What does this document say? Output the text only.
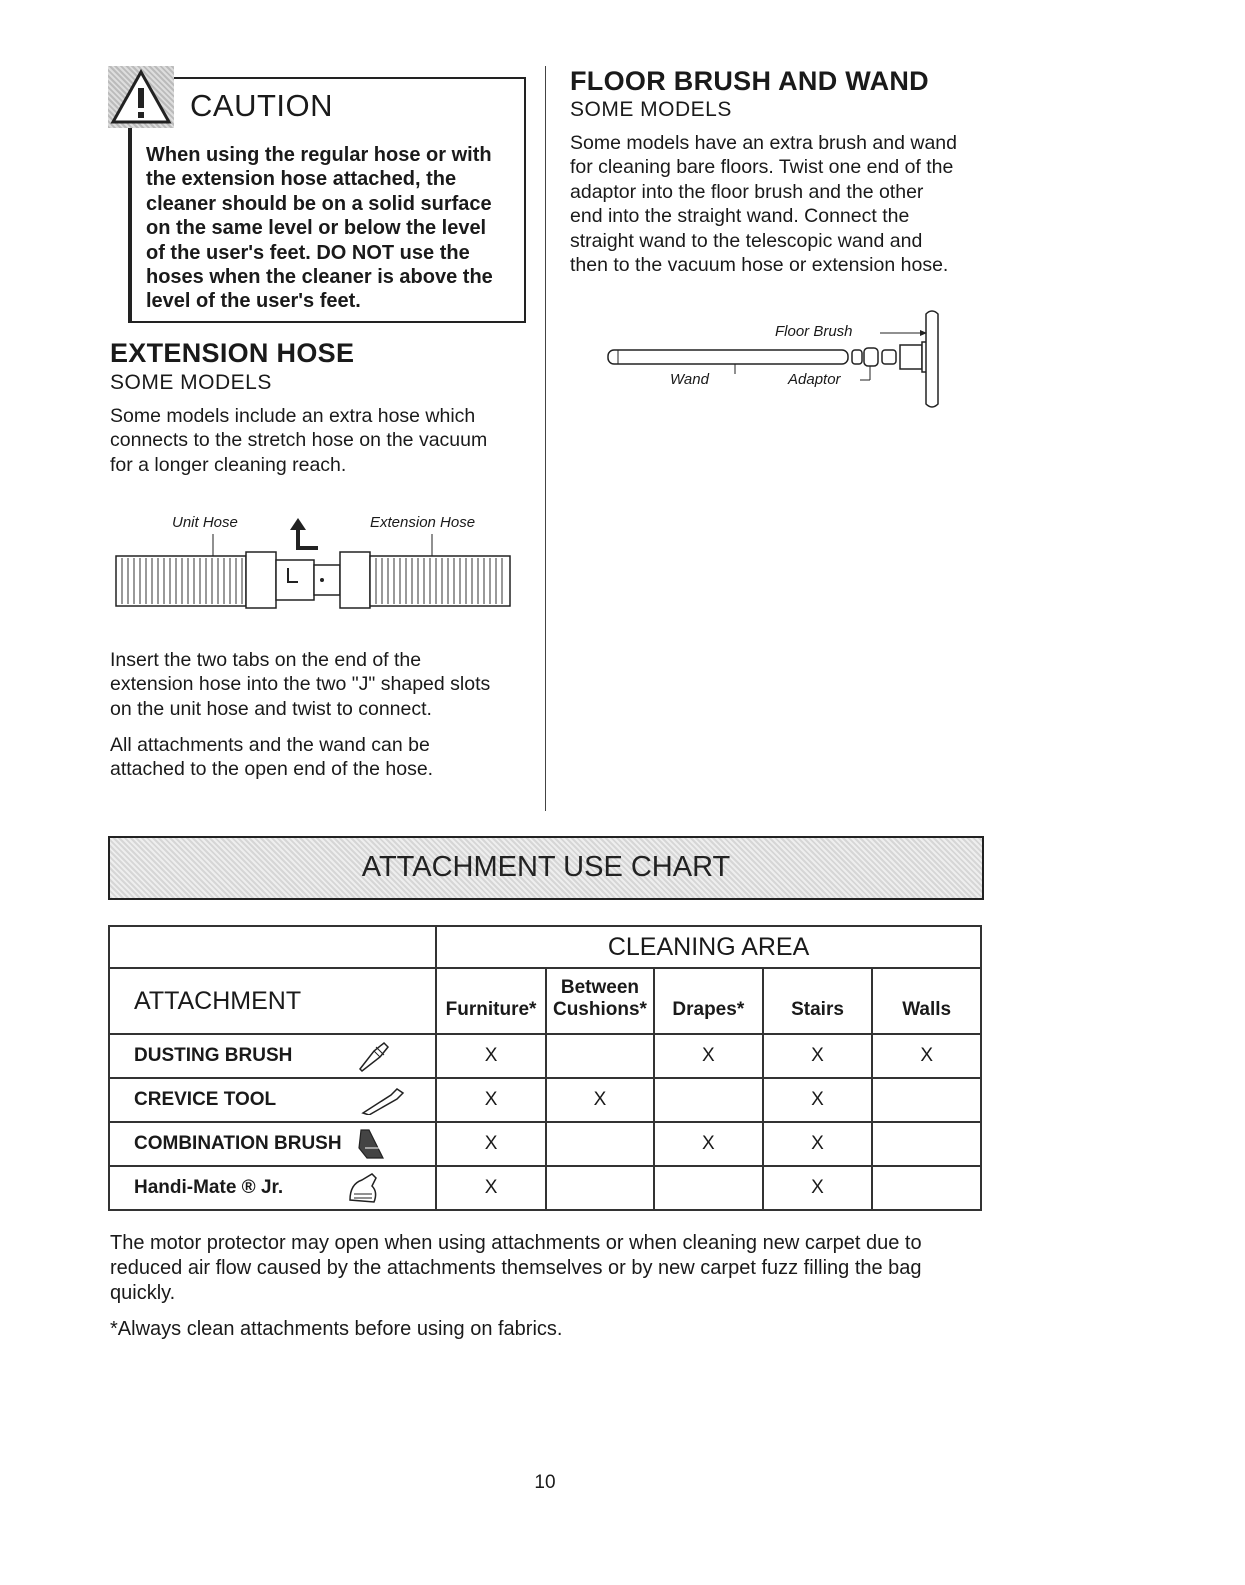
CAUTION
When using the regular hose or with
the extension hose attached, the
cleaner should be on a solid surface
on the same level or below the level
of the user's feet. DO NOT use the
hoses when the cleaner is above the
level of the user's feet.
EXTENSION HOSE
SOME MODELS
Some models include an extra hose which
connects to the stretch hose on the vacuum
for a longer cleaning reach.
Unit Hose	Extension Hose
Insert the two tabs on the end of the
extension hose into the two "J" shaped slots
on the unit hose and twist to connect.
All attachments and the wand can be
attached to the open end of the hose.
FLOOR BRUSH AND WAND
SOME MODELS
Some models have an extra brush and wand
for cleaning bare floors. Twist one end of the
adaptor into the floor brush and the other
end into the straight wand. Connect the
straight wand to the telescopic wand and
then to the vacuum hose or extension hose.
Floor Brush
Wand	Adaptor
ATTACHMENT USE CHART
	CLEANING AREA				
ATTACHMENT	Furniture*	Between Cushions*	Drapes*	Stairs	Walls
DUSTING BRUSH	X		X	X	X
CREVICE TOOL	X	X		X	
COMBINATION BRUSH	X		X	X	
Handi-Mate ® Jr.	X			X	
The motor protector may open when using attachments or when cleaning new carpet due to
reduced air flow caused by the attachments themselves or by new carpet fuzz filling the bag
quickly.
*Always clean attachments before using on fabrics.
10
